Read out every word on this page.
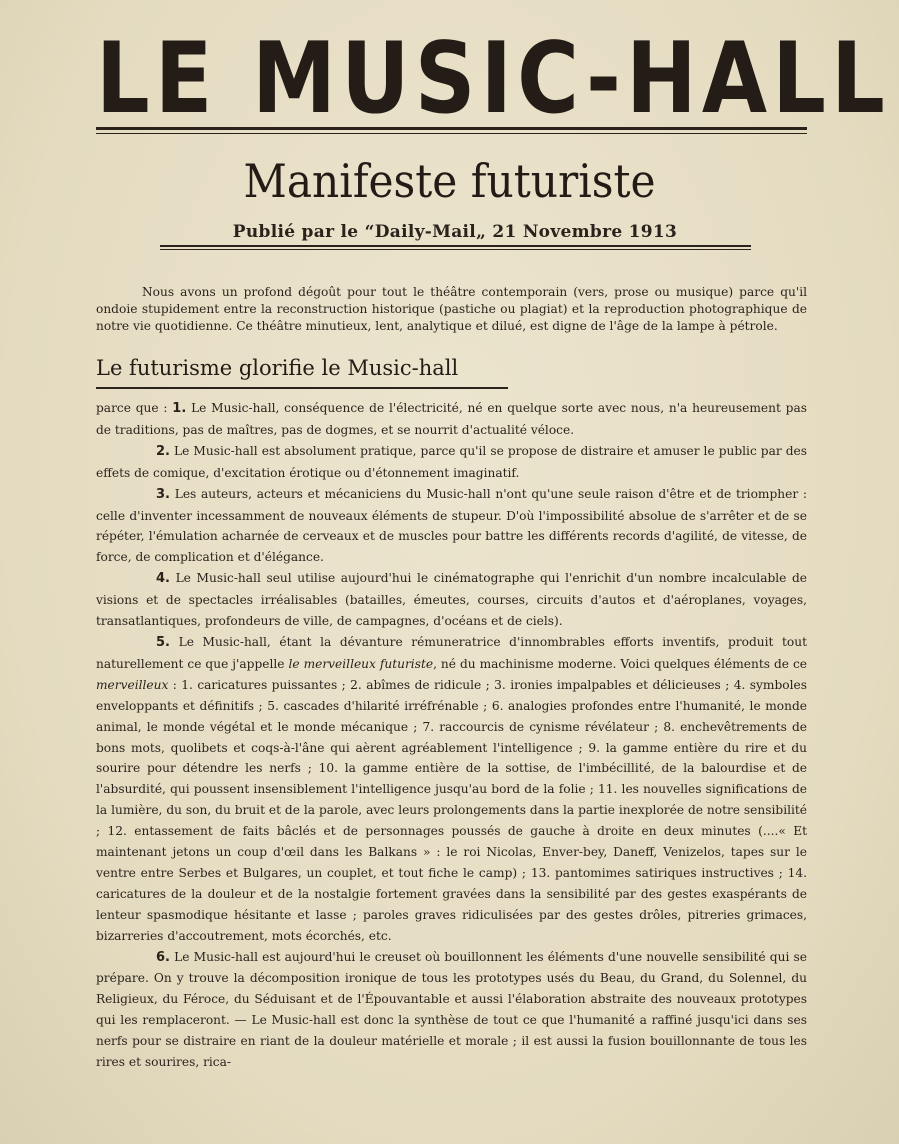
LE MUSIC-HALL
Manifeste futuriste
Publié par le “Daily-Mail„ 21 Novembre 1913

Nous avons un profond dégoût pour tout le théâtre contemporain (vers, prose ou musique) parce qu'il ondoie stupidement entre la reconstruction historique (pastiche ou plagiat) et la reproduction photographique de notre vie quotidienne. Ce théâtre minutieux, lent, analytique et dilué, est digne de l'âge de la lampe à pétrole.

Le futurisme glorifie le Music-hall

parce que : 1. Le Music-hall, conséquence de l'électricité, né en quelque sorte avec nous, n'a heureusement pas de traditions, pas de maîtres, pas de dogmes, et se nourrit d'actualité véloce.

2. Le Music-hall est absolument pratique, parce qu'il se propose de distraire et amuser le public par des effets de comique, d'excitation érotique ou d'étonnement imaginatif.

3. Les auteurs, acteurs et mécaniciens du Music-hall n'ont qu'une seule raison d'être et de triompher : celle d'inventer incessamment de nouveaux éléments de stupeur. D'où l'impossibilité absolue de s'arrêter et de se répéter, l'émulation acharnée de cerveaux et de muscles pour battre les différents records d'agilité, de vitesse, de force, de complication et d'élégance.

4. Le Music-hall seul utilise aujourd'hui le cinématographe qui l'enrichit d'un nombre incalculable de visions et de spectacles irréalisables (batailles, émeutes, courses, circuits d'autos et d'aéroplanes, voyages, transatlantiques, profondeurs de ville, de campagnes, d'océans et de ciels).

5. Le Music-hall, étant la dévanture rémuneratrice d'innombrables efforts inventifs, produit tout naturellement ce que j'appelle le merveilleux futuriste, né du machinisme moderne. Voici quelques éléments de ce merveilleux : 1. caricatures puissantes ; 2. abîmes de ridicule ; 3. ironies impalpables et délicieuses ; 4. symboles enveloppants et définitifs ; 5. cascades d'hilarité irréfrénable ; 6. analogies profondes entre l'humanité, le monde animal, le monde végétal et le monde mécanique ; 7. raccourcis de cynisme révélateur ; 8. enchevêtrements de bons mots, quolibets et coqs-à-l'âne qui aèrent agréablement l'intelligence ; 9. la gamme entière du rire et du sourire pour détendre les nerfs ; 10. la gamme entière de la sottise, de l'imbécillité, de la balourdise et de l'absurdité, qui poussent insensiblement l'intelligence jusqu'au bord de la folie ; 11. les nouvelles significations de la lumière, du son, du bruit et de la parole, avec leurs prolongements dans la partie inexplorée de notre sensibilité ; 12. entassement de faits bâclés et de personnages poussés de gauche à droite en deux minutes (....« Et maintenant jetons un coup d'œil dans les Balkans » : le roi Nicolas, Enver-bey, Daneff, Venizelos, tapes sur le ventre entre Serbes et Bulgares, un couplet, et tout fiche le camp) ; 13. pantomimes satiriques instructives ; 14. caricatures de la douleur et de la nostalgie fortement gravées dans la sensibilité par des gestes exaspérants de lenteur spasmodique hésitante et lasse ; paroles graves ridiculisées par des gestes drôles, pitreries grimaces, bizarreries d'accoutrement, mots écorchés, etc.

6. Le Music-hall est aujourd'hui le creuset où bouillonnent les éléments d'une nouvelle sensibilité qui se prépare. On y trouve la décomposition ironique de tous les prototypes usés du Beau, du Grand, du Solennel, du Religieux, du Féroce, du Séduisant et de l'Épouvantable et aussi l'élaboration abstraite des nouveaux prototypes qui les remplaceront. — Le Music-hall est donc la synthèse de tout ce que l'humanité a raffiné jusqu'ici dans ses nerfs pour se distraire en riant de la douleur matérielle et morale ; il est aussi la fusion bouillonnante de tous les rires et sourires, rica-
